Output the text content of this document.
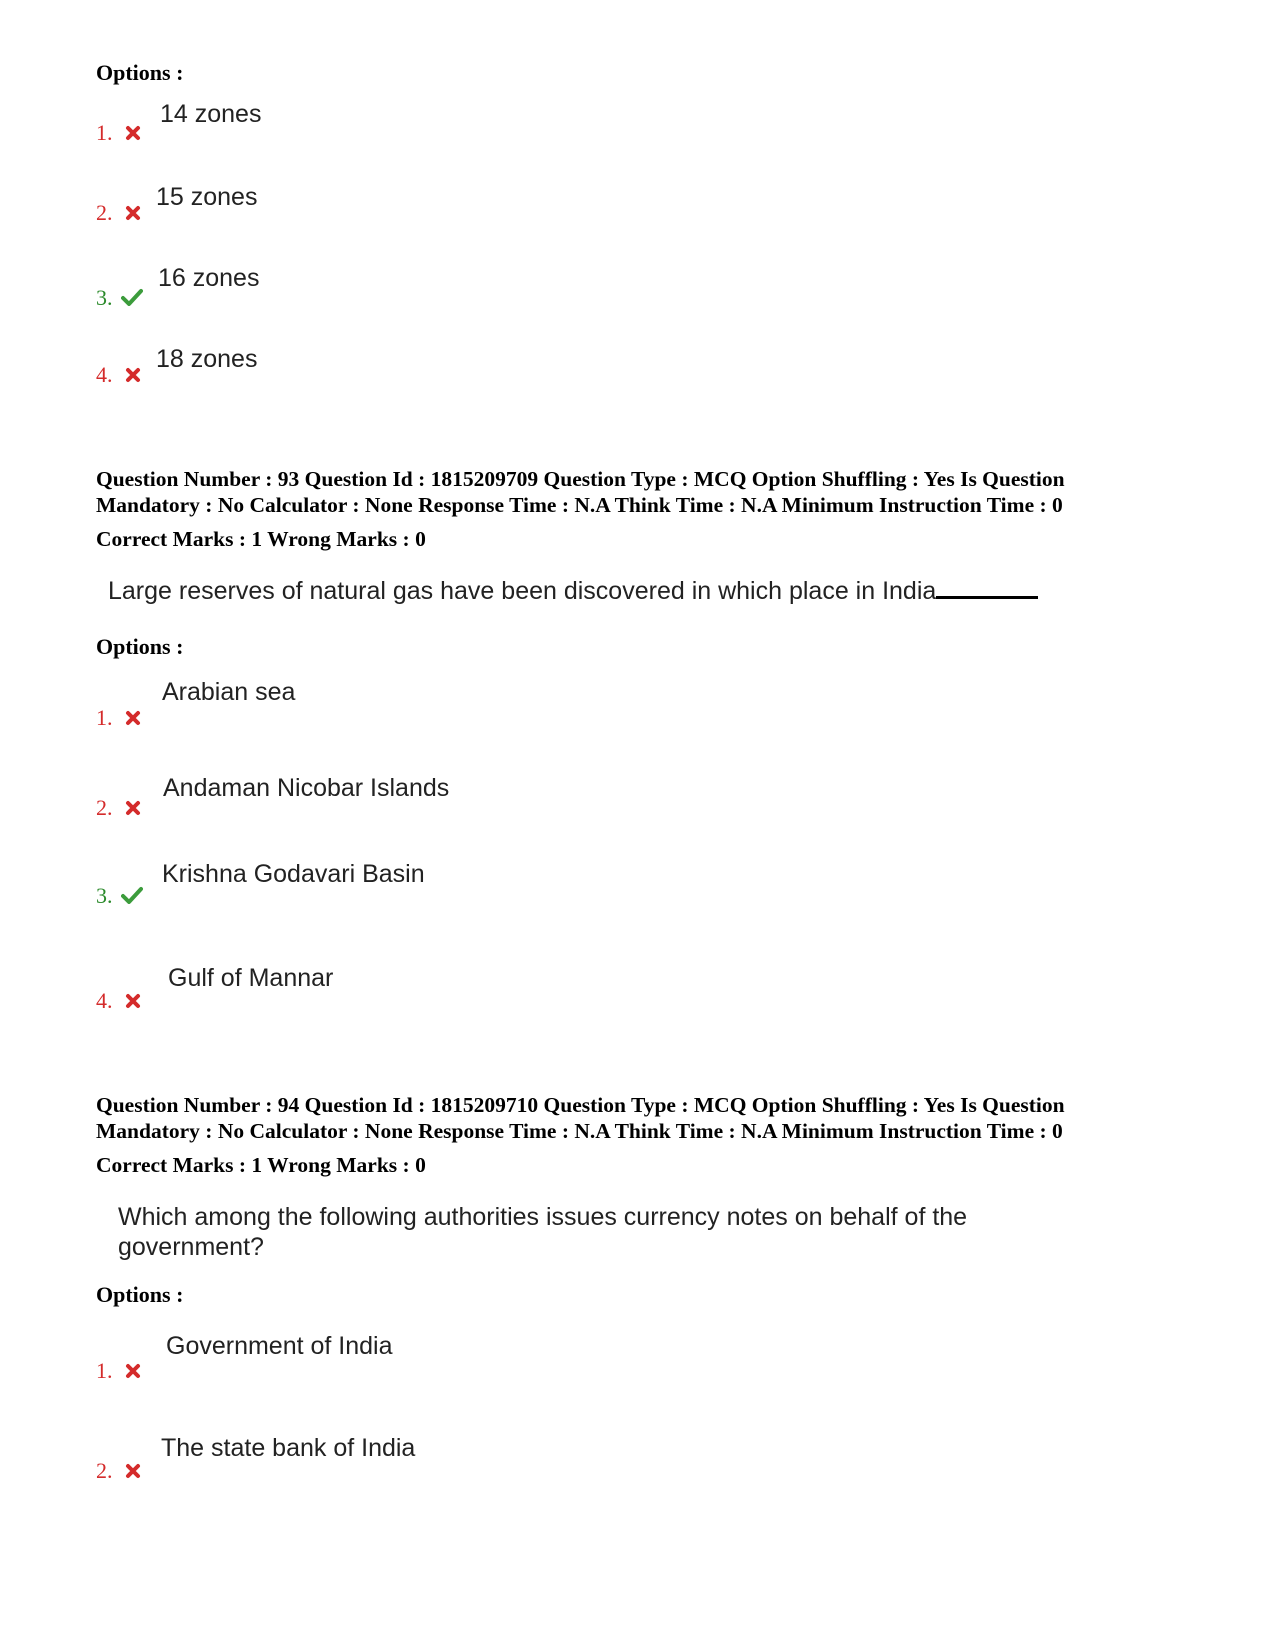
Options :
14 zones
1.
15 zones
2.
16 zones
3.
18 zones
4.
Question Number : 93 Question Id : 1815209709 Question Type : MCQ Option Shuffling : Yes Is Question
Mandatory : No Calculator : None Response Time : N.A Think Time : N.A Minimum Instruction Time : 0
Correct Marks : 1 Wrong Marks : 0
Large reserves of natural gas have been discovered in which place in India
Options :
Arabian sea
1.
Andaman Nicobar Islands
2.
Krishna Godavari Basin
3.
Gulf of Mannar
4.
Question Number : 94 Question Id : 1815209710 Question Type : MCQ Option Shuffling : Yes Is Question
Mandatory : No Calculator : None Response Time : N.A Think Time : N.A Minimum Instruction Time : 0
Correct Marks : 1 Wrong Marks : 0
Which among the following authorities issues currency notes on behalf of the
government?
Options :
Government of India
1.
The state bank of India
2.
